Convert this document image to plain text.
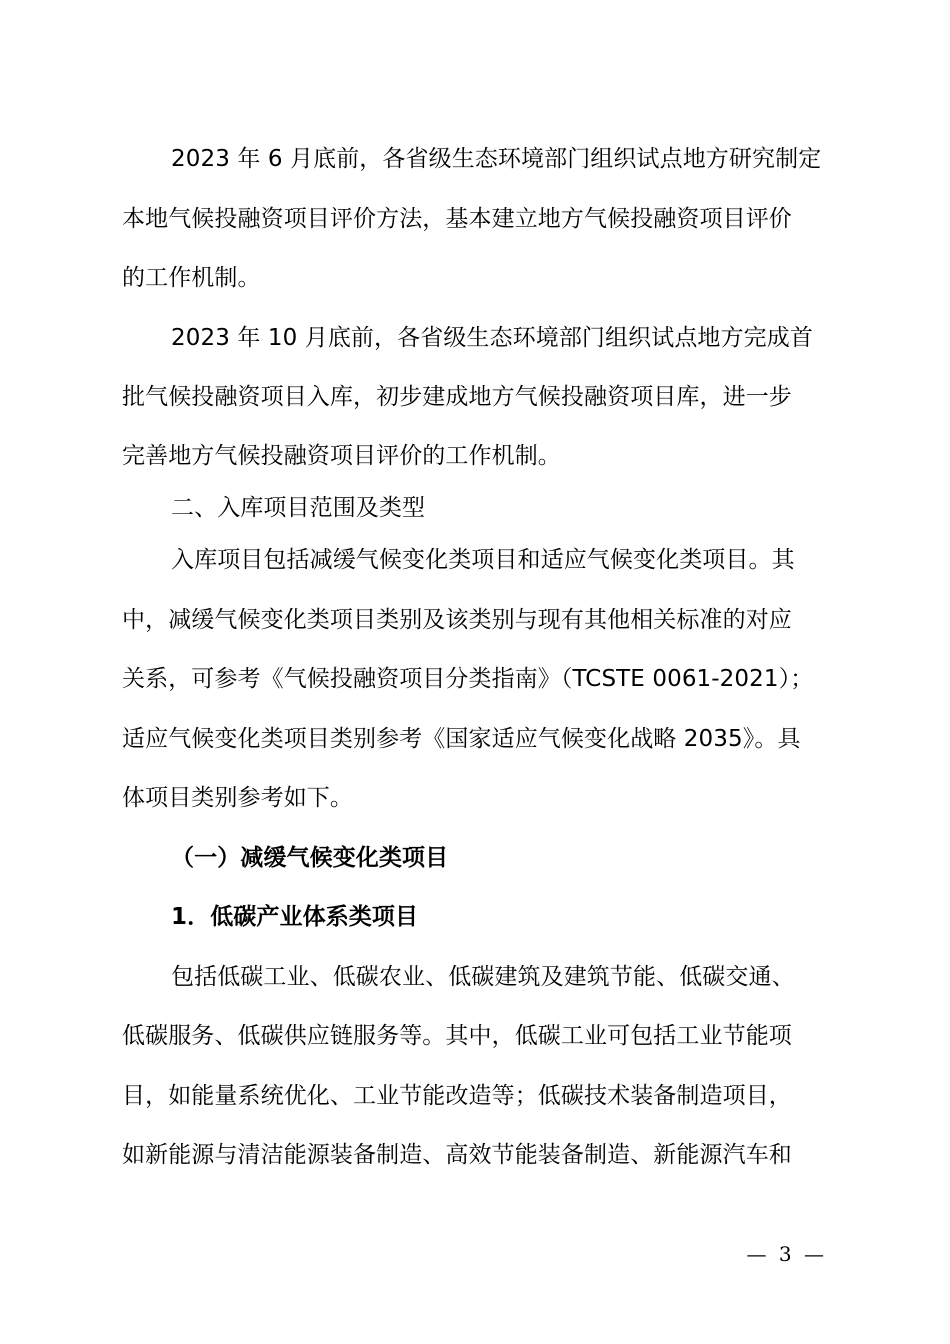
2023 年 6 月底前，各省级生态环境部门组织试点地方研究制定
本地气候投融资项目评价方法，基本建立地方气候投融资项目评价
的工作机制。
2023 年 10 月底前，各省级生态环境部门组织试点地方完成首
批气候投融资项目入库，初步建成地方气候投融资项目库，进一步
完善地方气候投融资项目评价的工作机制。
二、入库项目范围及类型
入库项目包括减缓气候变化类项目和适应气候变化类项目。其
中，减缓气候变化类项目类别及该类别与现有其他相关标准的对应
关系，可参考《气候投融资项目分类指南》（TCSTE 0061-2021）；
适应气候变化类项目类别参考《国家适应气候变化战略 2035》。具
体项目类别参考如下。
（一）减缓气候变化类项目
1．低碳产业体系类项目
包括低碳工业、低碳农业、低碳建筑及建筑节能、低碳交通、
低碳服务、低碳供应链服务等。其中，低碳工业可包括工业节能项
目，如能量系统优化、工业节能改造等；低碳技术装备制造项目，
如新能源与清洁能源装备制造、高效节能装备制造、新能源汽车和
— 3 —
